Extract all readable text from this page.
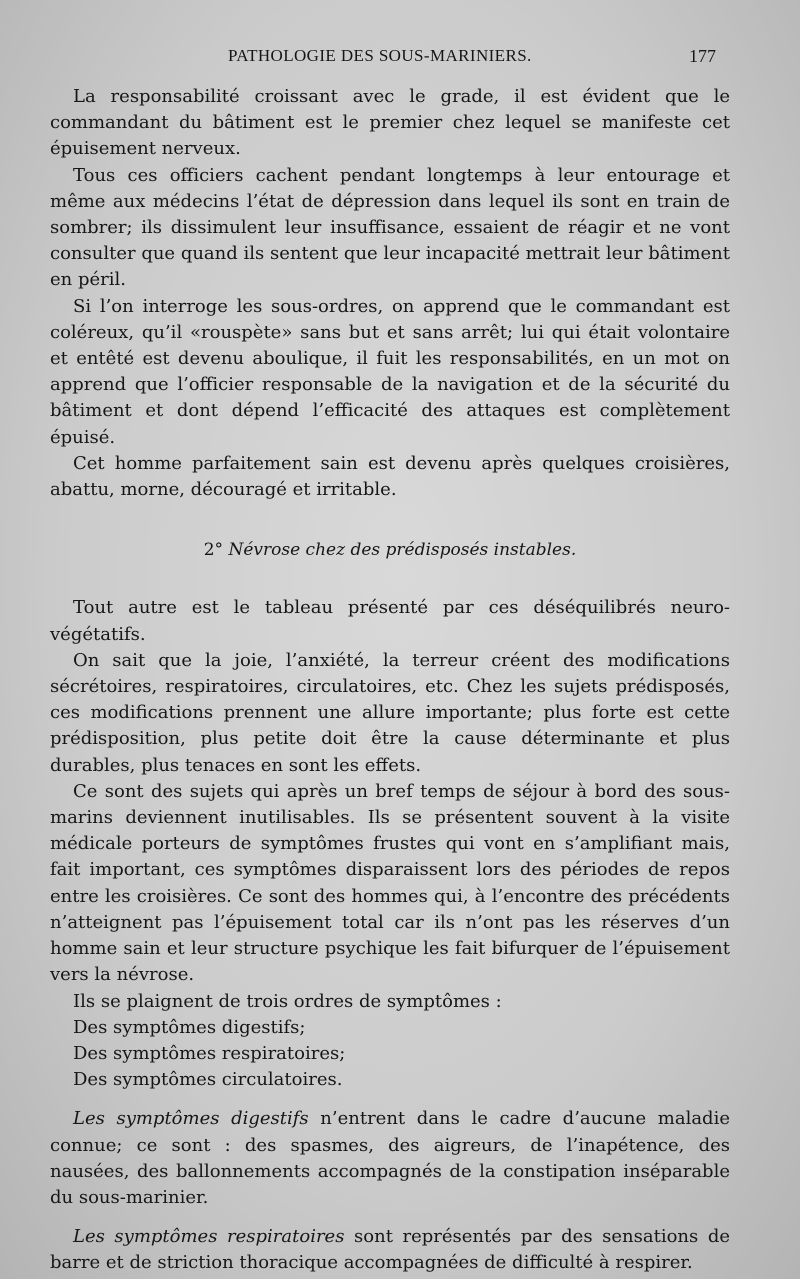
PATHOLOGIE DES SOUS-MARINIERS.	177

La responsabilité croissant avec le grade, il est évident que le commandant du bâtiment est le premier chez lequel se manifeste cet épuisement nerveux.

Tous ces officiers cachent pendant longtemps à leur entourage et même aux médecins l’état de dépression dans lequel ils sont en train de sombrer; ils dissimulent leur insuffisance, essaient de réagir et ne vont consulter que quand ils sentent que leur incapacité mettrait leur bâtiment en péril.

Si l’on interroge les sous-ordres, on apprend que le commandant est coléreux, qu’il «rouspète» sans but et sans arrêt; lui qui était volontaire et entêté est devenu aboulique, il fuit les responsabilités, en un mot on apprend que l’officier responsable de la navigation et de la sécurité du bâtiment et dont dépend l’efficacité des attaques est complètement épuisé.

Cet homme parfaitement sain est devenu après quelques croisières, abattu, morne, découragé et irritable.

2° Névrose chez des prédisposés instables.

Tout autre est le tableau présenté par ces déséquilibrés neuro-végétatifs.

On sait que la joie, l’anxiété, la terreur créent des modifications sécrétoires, respiratoires, circulatoires, etc. Chez les sujets prédisposés, ces modifications prennent une allure importante; plus forte est cette prédisposition, plus petite doit être la cause déterminante et plus durables, plus tenaces en sont les effets.

Ce sont des sujets qui après un bref temps de séjour à bord des sous-marins deviennent inutilisables. Ils se présentent souvent à la visite médicale porteurs de symptômes frustes qui vont en s’amplifiant mais, fait important, ces symptômes disparaissent lors des périodes de repos entre les croisières. Ce sont des hommes qui, à l’encontre des précédents n’atteignent pas l’épuisement total car ils n’ont pas les réserves d’un homme sain et leur structure psychique les fait bifurquer de l’épuisement vers la névrose.

Ils se plaignent de trois ordres de symptômes :

Des symptômes digestifs;

Des symptômes respiratoires;

Des symptômes circulatoires.

Les symptômes digestifs n’entrent dans le cadre d’aucune maladie connue; ce sont : des spasmes, des aigreurs, de l’inapétence, des nausées, des ballonnements accompagnés de la constipation inséparable du sous-marinier.

Les symptômes respiratoires sont représentés par des sensations de barre et de striction thoracique accompagnées de difficulté à respirer.
